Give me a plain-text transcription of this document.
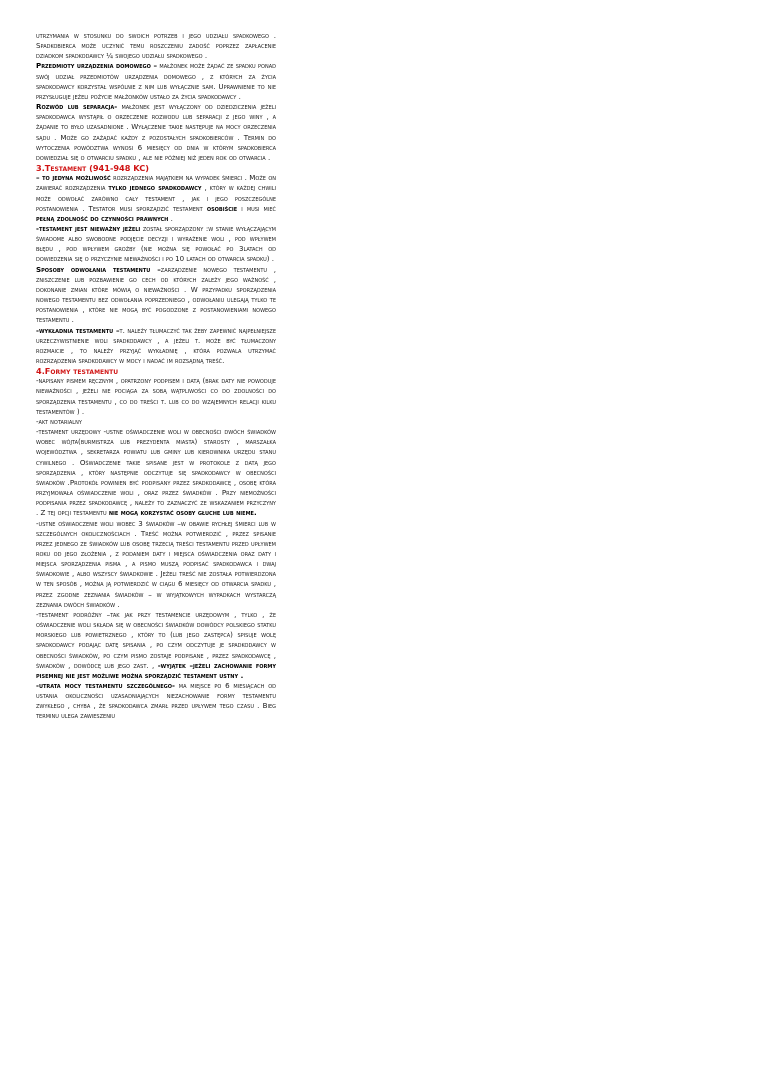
utrzymania w stosunku do swoich potrzeb i jego udziału spadkowego . Spadkobierca może uczynić temu roszczeniu zadość poprzez zapłacenie dziadkom spadkodawcy ¼ swojego udziału spadkowego .

Przedmioty urządzenia domowego – małżonek może żądać ze spadku ponad swój udział przedmiotów urządzenia domowego , z których za życia spadkodawcy korzystał wspólnie z nim lub wyłącznie sam. Uprawnienie to nie przysługuje jeżeli pożycie małżonków ustało za życia spadkodawcy .

Rozwód lub separacja- małżonek jest wyłączony od dziedziczenia jeżeli spadkodawca wystąpił o orzeczenie rozwodu lub separacji z jego winy , a żądanie to było uzasadnione . Wyłączenie takie następuje na mocy orzeczenia sądu . Może go zażądać każdy z pozostałych spadkobierców . Termin do wytoczenia powództwa wynosi 6 miesięcy od dnia w którym spadkobierca dowiedział się o otwarciu spadku , ale nie później niż jeden rok od otwarcia .

3.Testament (941-948 KC)

– to jedyna możliwość rozrządzenia majątkiem na wypadek śmierci . Może on zawierać rozrządzenia tylko jednego spadkodawcy , który w każdej chwili może odwołać zarówno cały testament , jak i jego poszczególne postanowienia . Testator musi sporządzić testament osobiście i musi mieć pełną zdolność do czynności prawnych .

-testament jest nieważny jeżeli został sporządzony :w stanie wyłączającym świadome albo swobodne podjęcie decyzji i wyrażenie woli , pod wpływem błędu , pod wpływem groźby (nie można się powołać po 3latach od dowiedzenia się o przyczynie nieważności i po 10 latach od otwarcia spadku) .

Sposoby odwołania testamentu –zarządzenie nowego testamentu , zniszczenie lub pozbawienie go cech od których zależy jego ważność , dokonanie zmian które mówią o nieważności . W przypadku sporządzenia nowego testamentu bez odwołania poprzedniego , odwołaniu ulegają tylko te postanowienia , które nie mogą być pogodzone z postanowieniami nowego testamentu .

-wykładnia testamentu –t. należy tłumaczyć tak żeby zapewnić najpełniejsze urzeczywistnienie woli spadkodawcy , a jeżeli t. może być tłumaczony rozmaicie , to należy przyjąć wykładnię , która pozwala utrzymać rozrządzenia spadkodawcy w mocy i nadać im rozsądną treść.

4.Formy testamentu

-napisany pismem ręcznym , opatrzony podpisem i datą (brak daty nie powoduje nieważności , jeżeli nie pociąga za sobą wątpliwości co do zdolności do sporządzenia testamentu , co do treści t. lub co do wzajemnych relacji kilku testamentów ) .

-akt notarialny

-testament urzędowy -ustne oświadczenie woli w obecności dwóch świadków wobec wójta(burmistrza lub prezydenta miasta) starosty , marszałka województwa , sekretarza powiatu lub gminy lub kierownika urzędu stanu cywilnego . Oświadczenie takie spisane jest w protokole z datą jego sporządzenia , który następnie odczytuje się spadkodawcy w obecności świadków .Protokół powinien być podpisany przez spadkodawcę , osobę która przyjmowała oświadczenie woli , oraz przez świadków . Przy niemożności podpisania przez spadkodawcę , należy to zaznaczyć ze wskazaniem przyczyny . Z tej opcji testamentu nie mogą korzystać osoby głuche lub nieme.

-ustne oświadczenie woli wobec 3 świadków –w obawie rychłej śmierci lub w szczególnych okolicznościach . Treść można potwierdzić , przez spisanie przez jednego ze świadków lub osobę trzecią treści testamentu przed upływem roku od jego złożenia , z podaniem daty i miejsca oświadczenia oraz daty i miejsca sporządzenia pisma , a pismo muszą podpisać spadkodawca i dwaj świadkowie , albo wszyscy świadkowie . Jeżeli treść nie została potwierdzona w ten sposób , można ją potwierdzić w ciągu 6 miesięcy od otwarcia spadku , przez zgodne zeznania świadków – w wyjątkowych wypadkach wystarczą zeznania dwóch świadków .

-testament podróżny –tak jak przy testamencie urzędowym , tylko , że oświadczenie woli składa się w obecności świadków dowódcy polskiego statku morskiego lub powietrznego , który to (lub jego zastępca) spisuje wolę spadkodawcy podając datę spisania , po czym odczytuje je spadkodawcy w obecności świadków, po czym pismo zostaje podpisane , przez spadkodawcę , świadków , dowódcę lub jego zast. , -wyjątek –jeżeli zachowanie formy pisemnej nie jest możliwe można sporządzić testament ustny .

-utrata mocy testamentu szczególnego- ma miejsce po 6 miesiącach od ustania okoliczności uzasadniających niezachowanie formy testamentu zwykłego , chyba , że spadkodawca zmarł przed upływem tego czasu . Bieg terminu ulega zawieszeniu
